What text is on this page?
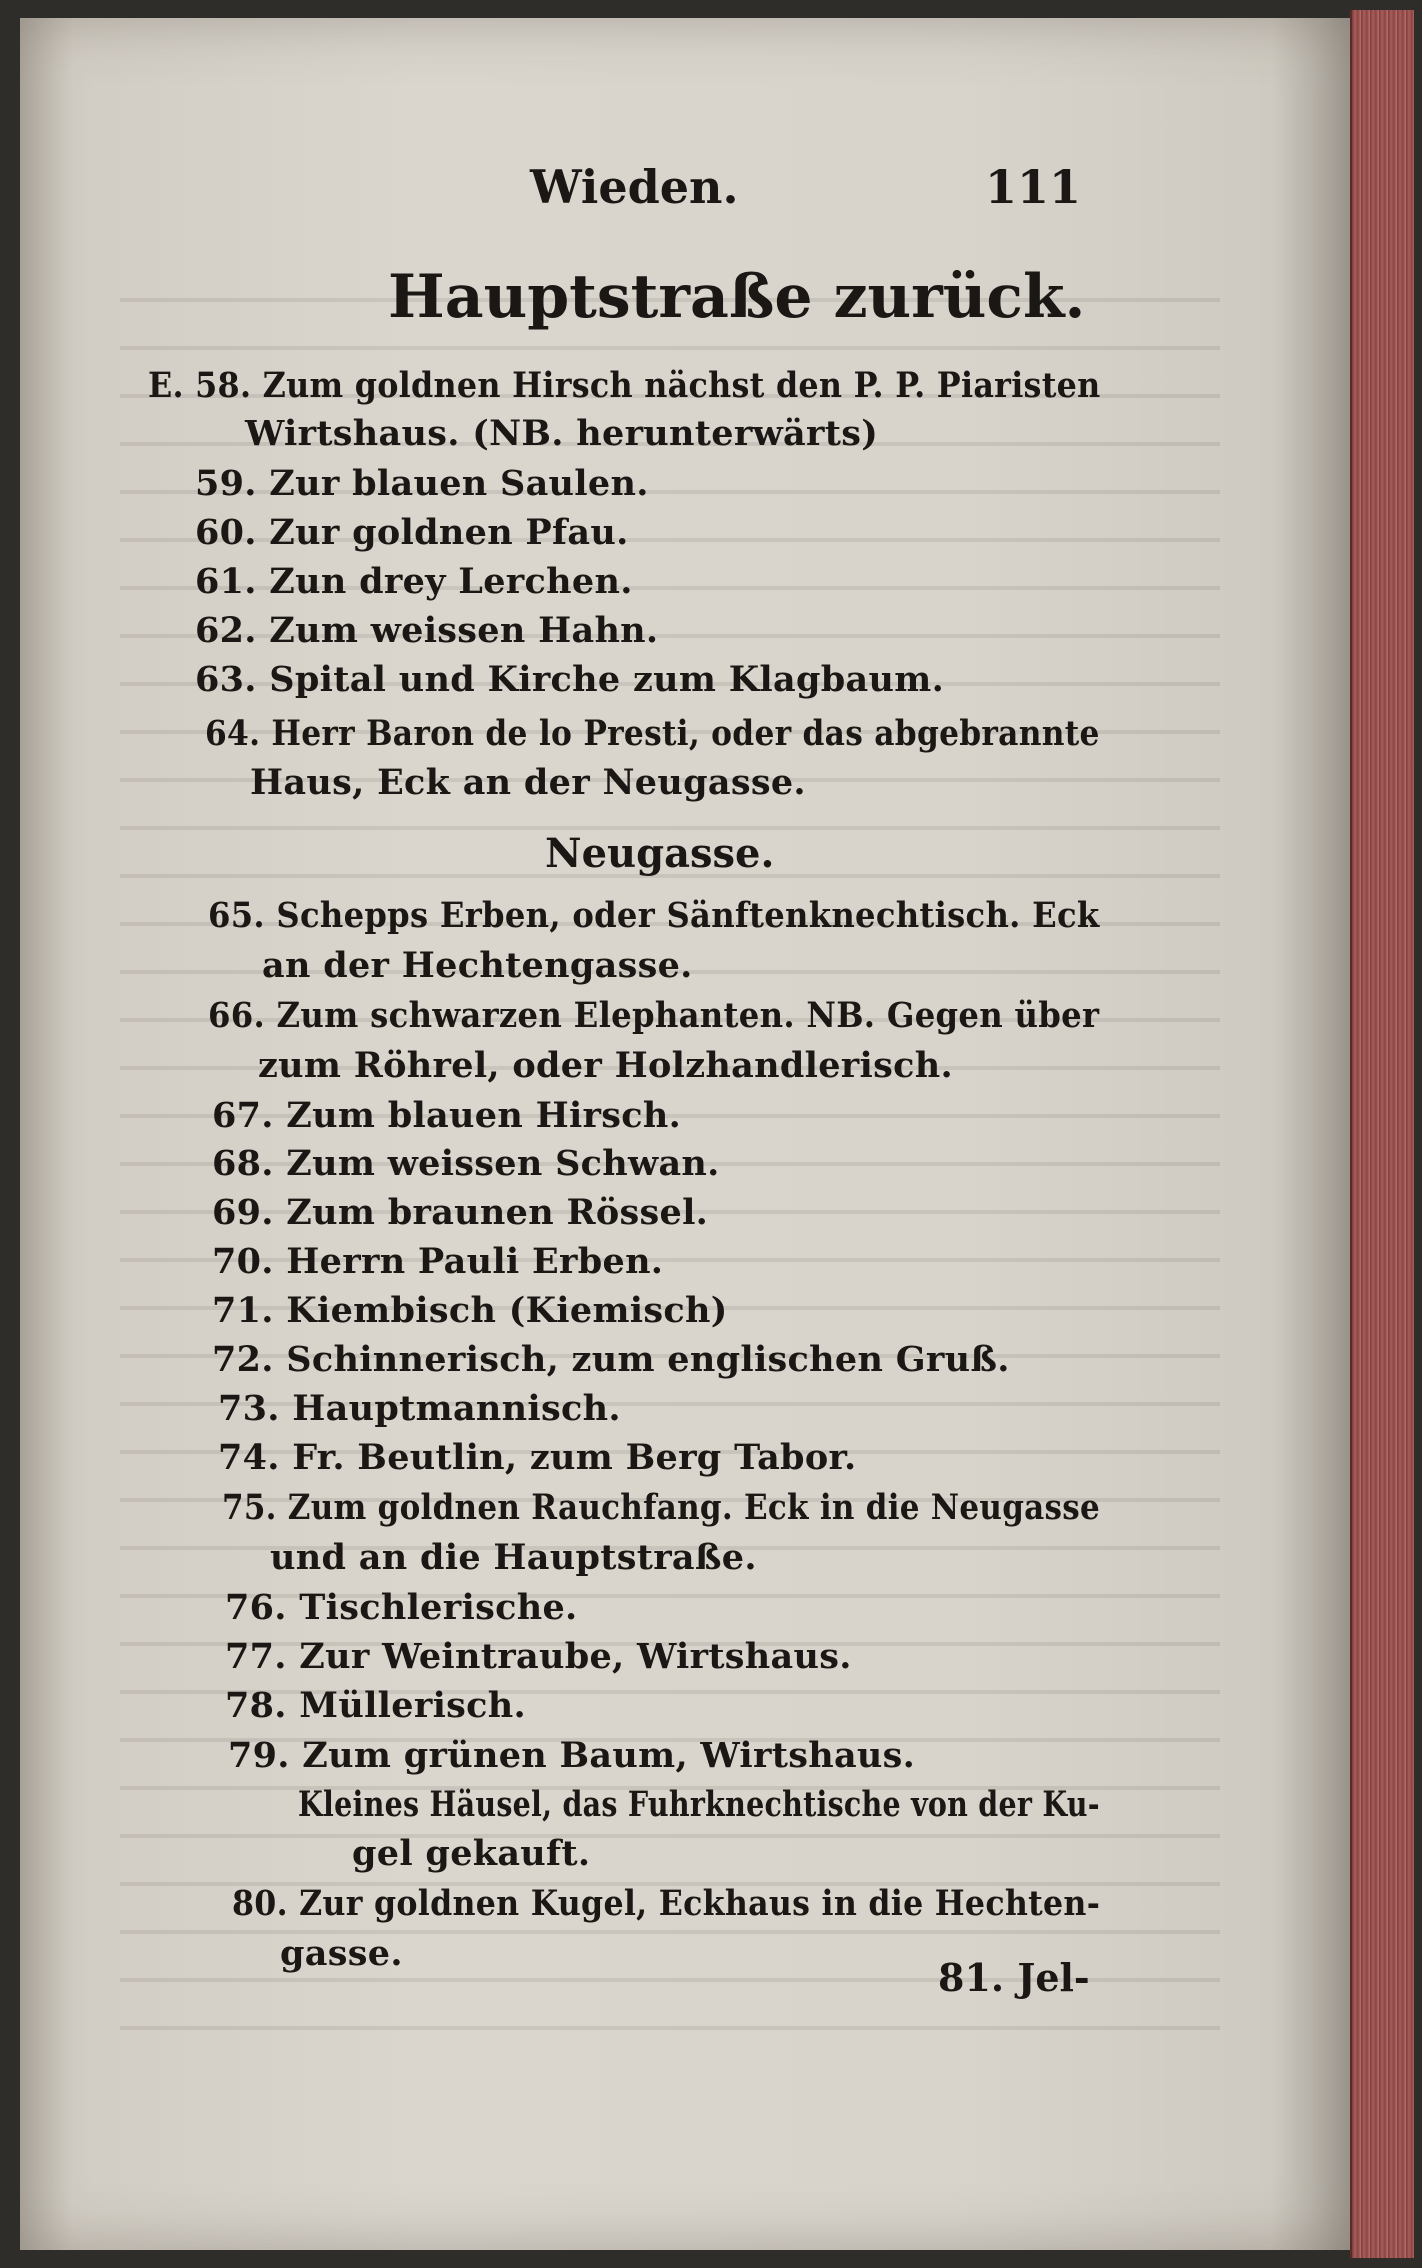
Wieden.	111
Hauptstraße zurück.
E. 58. Zum goldnen Hirsch nächst den P. P. Piaristen
Wirtshaus. (NB. herunterwärts)
59. Zur blauen Saulen.
60. Zur goldnen Pfau.
61. Zun drey Lerchen.
62. Zum weissen Hahn.
63. Spital und Kirche zum Klagbaum.
64. Herr Baron de lo Presti, oder das abgebrannte
Haus, Eck an der Neugasse.
Neugasse.
65. Schepps Erben, oder Sänftenknechtisch. Eck
an der Hechtengasse.
66. Zum schwarzen Elephanten. NB. Gegen über
zum Röhrel, oder Holzhandlerisch.
67. Zum blauen Hirsch.
68. Zum weissen Schwan.
69. Zum braunen Rössel.
70. Herrn Pauli Erben.
71. Kiembisch (Kiemisch)
72. Schinnerisch, zum englischen Gruß.
73. Hauptmannisch.
74. Fr. Beutlin, zum Berg Tabor.
75. Zum goldnen Rauchfang. Eck in die Neugasse
und an die Hauptstraße.
76. Tischlerische.
77. Zur Weintraube, Wirtshaus.
78. Müllerisch.
79. Zum grünen Baum, Wirtshaus.
Kleines Häusel, das Fuhrknechtische von der Ku-
gel gekauft.
80. Zur goldnen Kugel, Eckhaus in die Hechten-
gasse.
81. Jel-
